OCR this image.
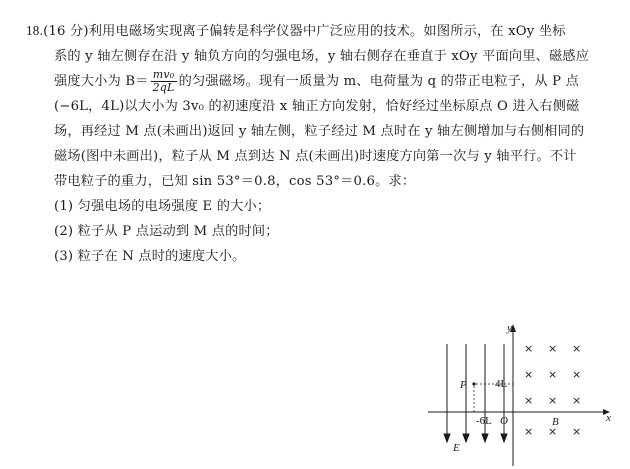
18.(16 分)利用电磁场实现离子偏转是科学仪器中广泛应用的技术。如图所示，在 xOy 坐标
系的 y 轴左侧存在沿 y 轴负方向的匀强电场，y 轴右侧存在垂直于 xOy 平面向里、磁感应
强度大小为 $B= \frac{\text{mv₀}}{2qL}$ 的匀强磁场。现有一质量为 m、电荷量为 q 的带正电粒子，从 P 点
(−6L，4L)以大小为 3v₀ 的初速度沿 x 轴正方向发射，恰好经过坐标原点 O 进入右侧磁
场，再经过 M 点(未画出)返回 y 轴左侧，粒子经过 M 点时在 y 轴左侧增加与右侧相同的
磁场(图中未画出)，粒子从 M 点到达 N 点(未画出)时速度方向第一次与 y 轴平行。不计
带电粒子的重力，已知 sin 53°＝0.8，cos 53°＝0.6。求：
(1) 匀强电场的电场强度 E 的大小；
(2) 粒子从 P 点运动到 M 点的时间；
(3) 粒子在 N 点时的速度大小。
y
x
O
P
E
B
4L
-6L
× × ×
× × ×
× × ×
× × ×
